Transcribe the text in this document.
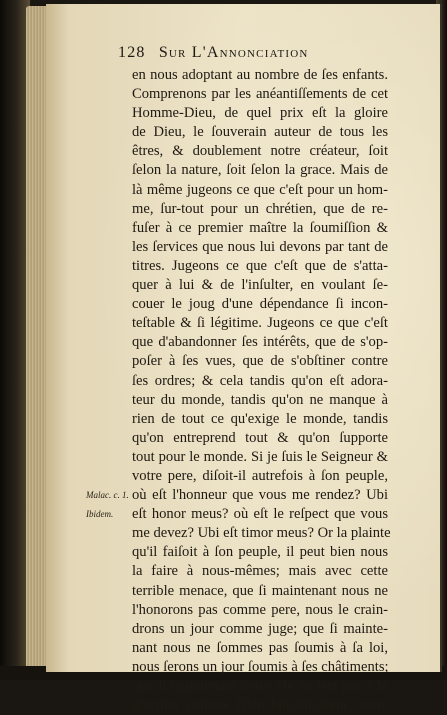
128 Sur L'Annonciation
en nous adoptant au nombre de ſes enfants.
Comprenons par les anéantiſſements de cet
Homme-Dieu, de quel prix eſt la gloire
de Dieu, le ſouverain auteur de tous les
êtres, & doublement notre créateur, ſoit
ſelon la nature, ſoit ſelon la grace. Mais de
là même jugeons ce que c'eſt pour un hom-
me, ſur-tout pour un chrétien, que de re-
fuſer à ce premier maître la ſoumiſſion &
les ſervices que nous lui devons par tant de
titres. Jugeons ce que c'eſt que de s'atta-
quer à lui & de l'inſulter, en voulant ſe-
couer le joug d'une dépendance ſi incon-
teſtable & ſi légitime. Jugeons ce que c'eſt
que d'abandonner ſes intérêts, que de s'op-
poſer à ſes vues, que de s'obſtiner contre
ſes ordres; & cela tandis qu'on eſt adora-
teur du monde, tandis qu'on ne manque à
rien de tout ce qu'exige le monde, tandis
qu'on entreprend tout & qu'on ſupporte
tout pour le monde. Si je ſuis le Seigneur &
votre pere, diſoit-il autrefois à ſon peuple,
où eſt l'honneur que vous me rendez? Ubi
eſt honor meus? où eſt le reſpect que vous
me devez? Ubi eſt timor meus? Or la plainte
qu'il faiſoit à ſon peuple, il peut bien nous
la faire à nous-mêmes; mais avec cette
terrible menace, que ſi maintenant nous ne
l'honorons pas comme pere, nous le crain-
drons un jour comme juge; que ſi mainte-
nant nous ne ſommes pas ſoumis à ſa loi,
nous ſerons un jour ſoumis à ſes châtiments;
que ſi maintenant notre vie ne ſert pas à le
glorifier comme Dieu ſanctificateur, notre
Malac. c. 1.
Ibidem.
